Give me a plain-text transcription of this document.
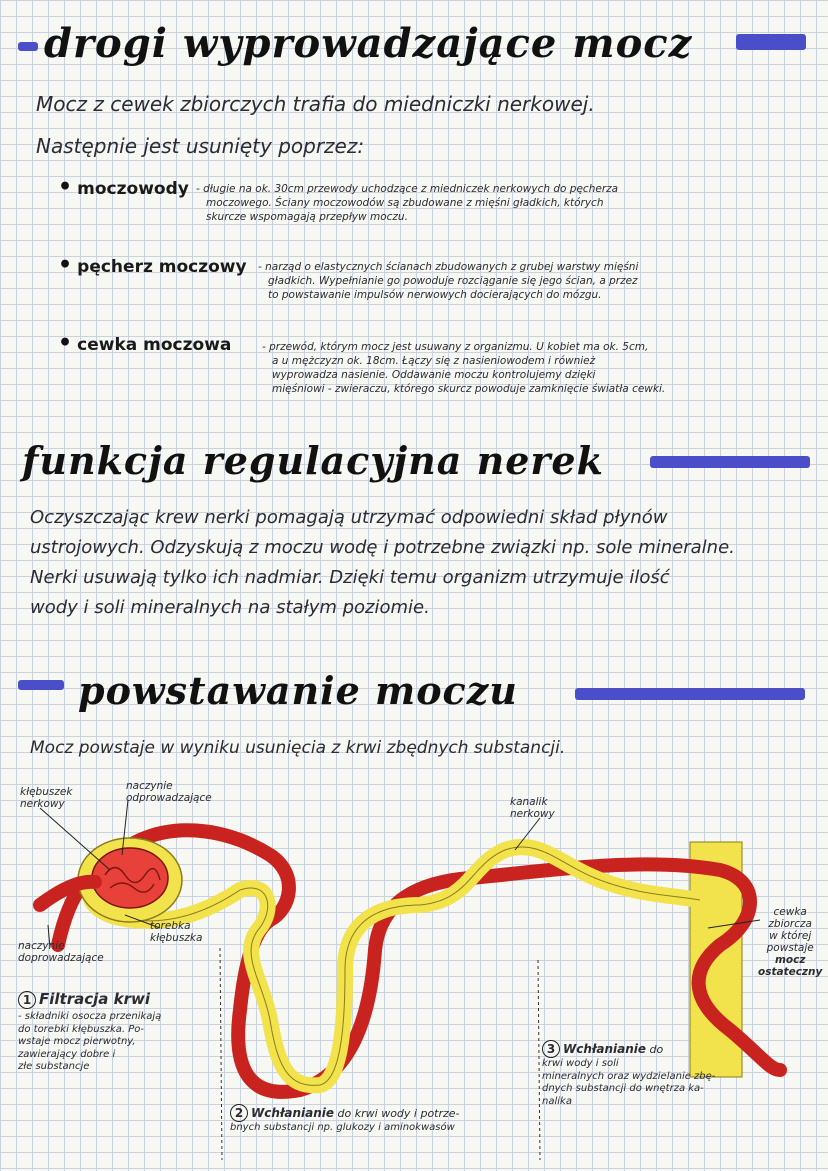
drogi wyprowadzające mocz
Mocz z cewek zbiorczych trafia do miedniczki nerkowej.
Następnie jest usunięty poprzez:
• moczowody - długie na ok. 30cm przewody uchodzące z miedniczek nerkowych do pęcherza
moczowego. Ściany moczowodów są zbudowane z mięśni gładkich, których
skurcze wspomagają przepływ moczu.
• pęcherz moczowy - narząd o elastycznych ścianach zbudowanych z grubej warstwy mięśni
gładkich. Wypełnianie go powoduje rozciąganie się jego ścian, a przez
to powstawanie impulsów nerwowych docierających do mózgu.
• cewka moczowa	- przewód, którym mocz jest usuwany z organizmu. U kobiet ma ok. 5cm,
a u mężczyzn ok. 18cm. Łączy się z nasieniowodem i również
wyprowadza nasienie. Oddawanie moczu kontrolujemy dzięki
mięśniowi - zwieraczu, którego skurcz powoduje zamknięcie światła cewki.
funkcja regulacyjna nerek
Oczyszczając krew nerki pomagają utrzymać odpowiedni skład płynów
ustrojowych. Odzyskują z moczu wodę i potrzebne związki np. sole mineralne.
Nerki usuwają tylko ich nadmiar. Dzięki temu organizm utrzymuje ilość
wody i soli mineralnych na stałym poziomie.
powstawanie moczu
Mocz powstaje w wyniku usunięcia z krwi zbędnych substancji.
kłębuszek
nerkowy
naczynie
odprowadzające	kanalik
nerkowy
torebka
kłębuszka
naczynie
doprowadzające
cewka
zbiorcza
w której
powstaje
mocz
ostateczny
1 Filtracja krwi
- składniki osocza przenikają
do torebki kłębuszka. Po-
wstaje mocz pierwotny,
zawierający dobre i
złe substancje
2 Wchłanianie do krwi wody i potrze-
bnych substancji np. glukozy i aminokwasów
3 Wchłanianie do
krwi wody i soli
mineralnych oraz wydzielanie zbę-
dnych substancji do wnętrza ka-
nalika
